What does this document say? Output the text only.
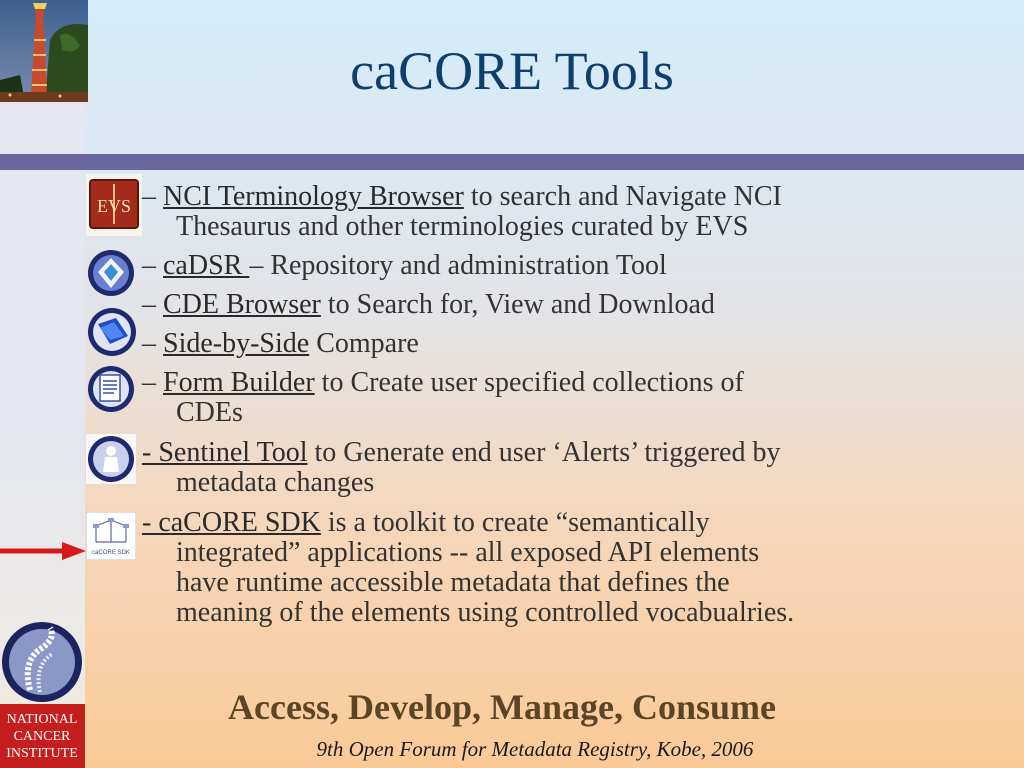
caCORE Tools
EVS – NCI Terminology Browser to search and Navigate NCI
Thesaurus and other terminologies curated by EVS
– caDSR – Repository and administration Tool
– CDE Browser to Search for, View and Download
– Side-by-Side Compare
– Form Builder to Create user specified collections of
CDEs
- Sentinel Tool to Generate end user ‘Alerts’ triggered by
metadata changes
caCORE SDK
- caCORE SDK is a toolkit to create “semantically
integrated” applications -- all exposed API elements
have runtime accessible metadata that defines the
meaning of the elements using controlled vocabualries.
NATIONAL
CANCER
INSTITUTE
Access, Develop, Manage, Consume
9th Open Forum for Metadata Registry, Kobe, 2006
